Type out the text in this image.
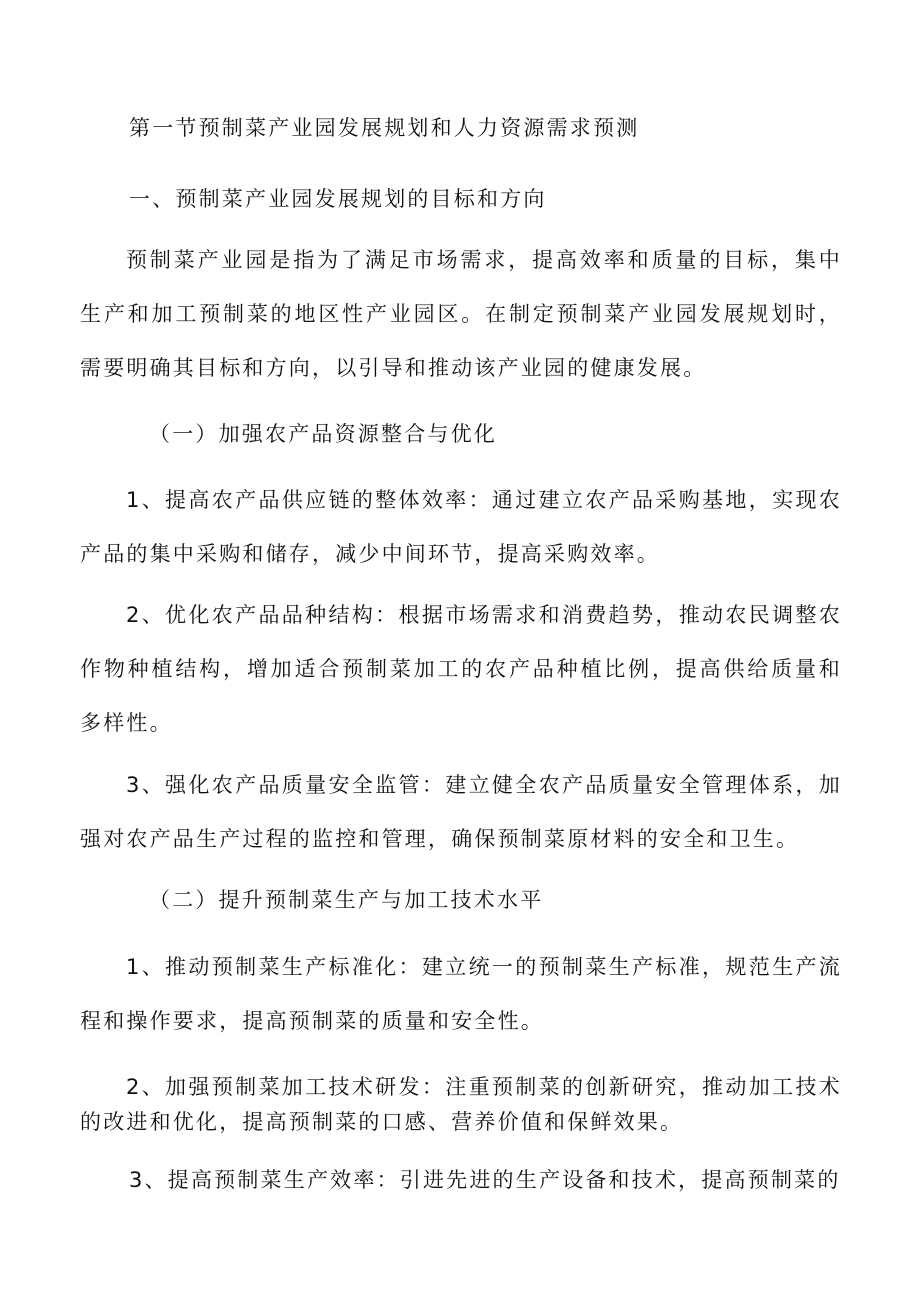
第一节预制菜产业园发展规划和人力资源需求预测
一、预制菜产业园发展规划的目标和方向
预制菜产业园是指为了满足市场需求，提高效率和质量的目标，集中生产和加工预制菜的地区性产业园区。在制定预制菜产业园发展规划时，需要明确其目标和方向，以引导和推动该产业园的健康发展。
（一）加强农产品资源整合与优化
1、提高农产品供应链的整体效率：通过建立农产品采购基地，实现农产品的集中采购和储存，减少中间环节，提高采购效率。
2、优化农产品品种结构：根据市场需求和消费趋势，推动农民调整农作物种植结构，增加适合预制菜加工的农产品种植比例，提高供给质量和多样性。
3、强化农产品质量安全监管：建立健全农产品质量安全管理体系，加强对农产品生产过程的监控和管理，确保预制菜原材料的安全和卫生。
（二）提升预制菜生产与加工技术水平
1、推动预制菜生产标准化：建立统一的预制菜生产标准，规范生产流程和操作要求，提高预制菜的质量和安全性。
2、加强预制菜加工技术研发：注重预制菜的创新研究，推动加工技术的改进和优化，提高预制菜的口感、营养价值和保鲜效果。
3、提高预制菜生产效率：引进先进的生产设备和技术，提高预制菜的
